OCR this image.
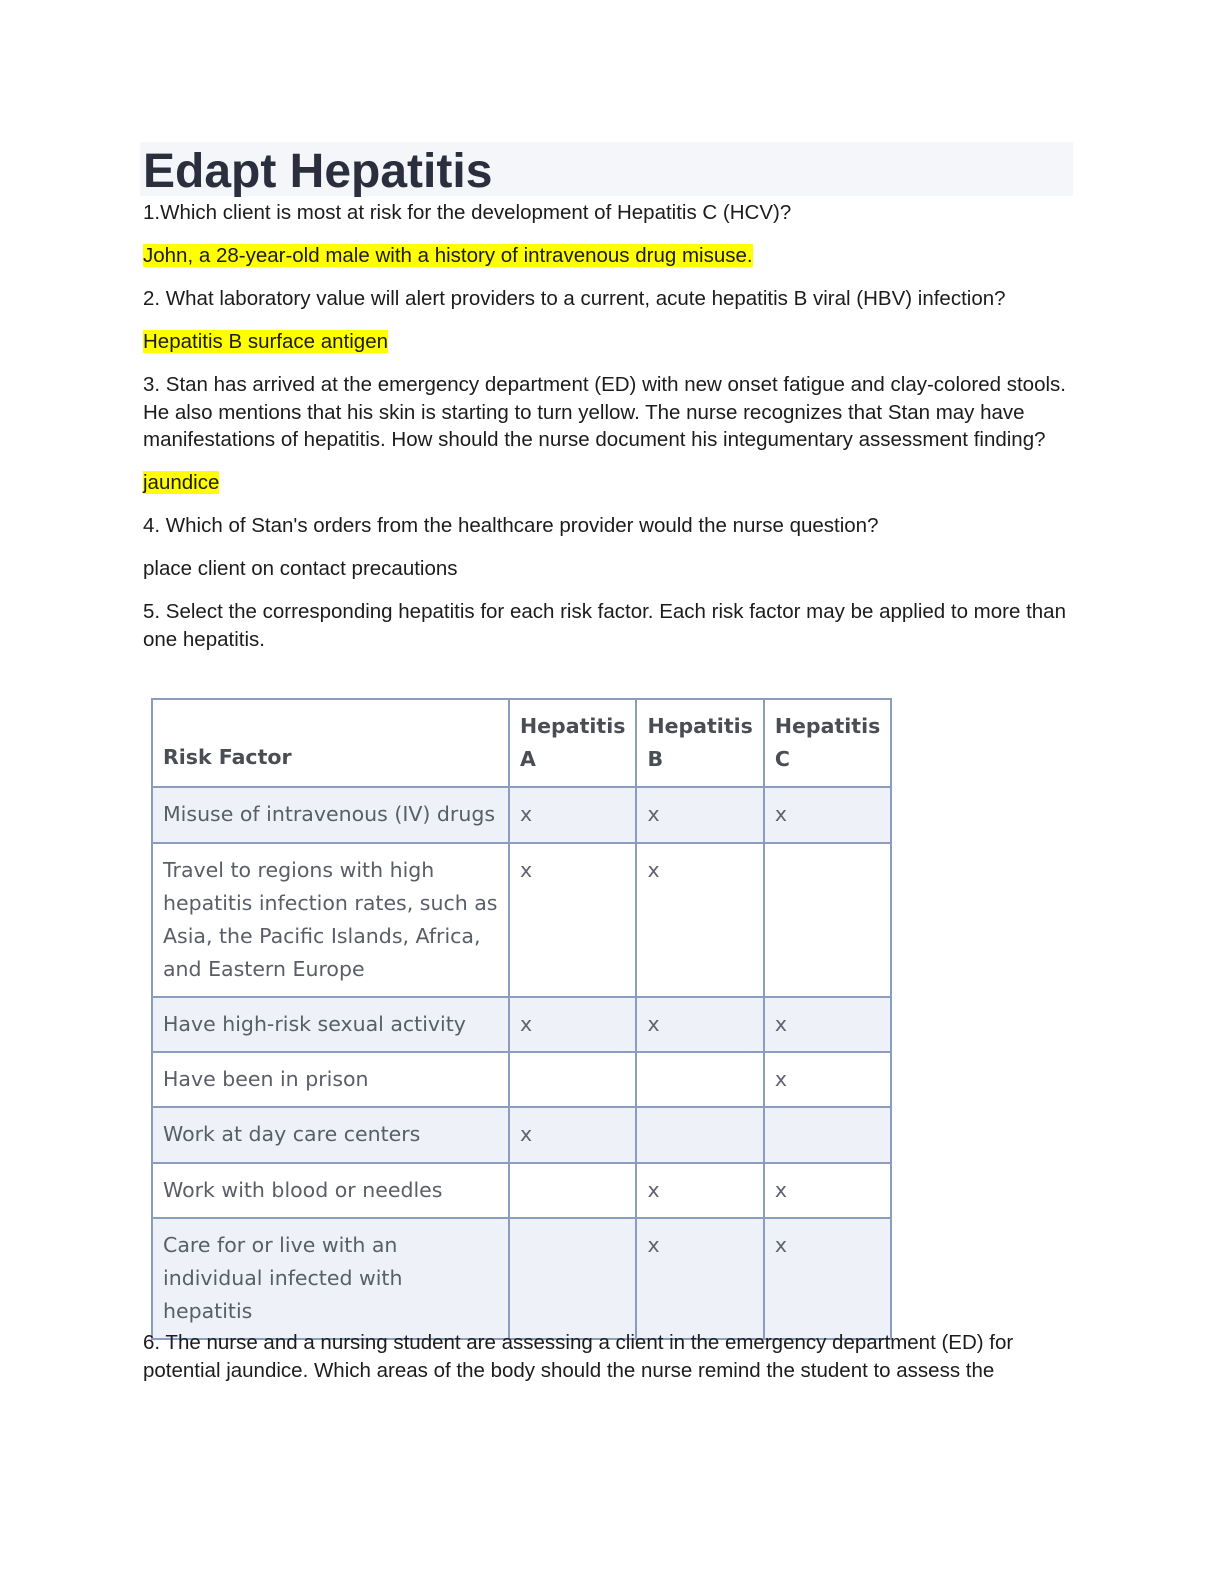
Edapt Hepatitis

1.Which client is most at risk for the development of Hepatitis C (HCV)?

John, a 28-year-old male with a history of intravenous drug misuse.

2. What laboratory value will alert providers to a current, acute hepatitis B viral (HBV) infection?

Hepatitis B surface antigen

3. Stan has arrived at the emergency department (ED) with new onset fatigue and clay-colored stools. He also mentions that his skin is starting to turn yellow. The nurse recognizes that Stan may have manifestations of hepatitis. How should the nurse document his integumentary assessment finding?

jaundice

4. Which of Stan's orders from the healthcare provider would the nurse question?

place client on contact precautions

5. Select the corresponding hepatitis for each risk factor. Each risk factor may be applied to more than one hepatitis.

Risk Factor	Hepatitis A	Hepatitis B	Hepatitis C
Misuse of intravenous (IV) drugs	x	x	x
Travel to regions with high hepatitis infection rates, such as Asia, the Pacific Islands, Africa, and Eastern Europe	x	x	
Have high-risk sexual activity	x	x	x
Have been in prison			x
Work at day care centers	x		
Work with blood or needles		x	x
Care for or live with an individual infected with hepatitis		x	x

6. The nurse and a nursing student are assessing a client in the emergency department (ED) for potential jaundice. Which areas of the body should the nurse remind the student to assess the
